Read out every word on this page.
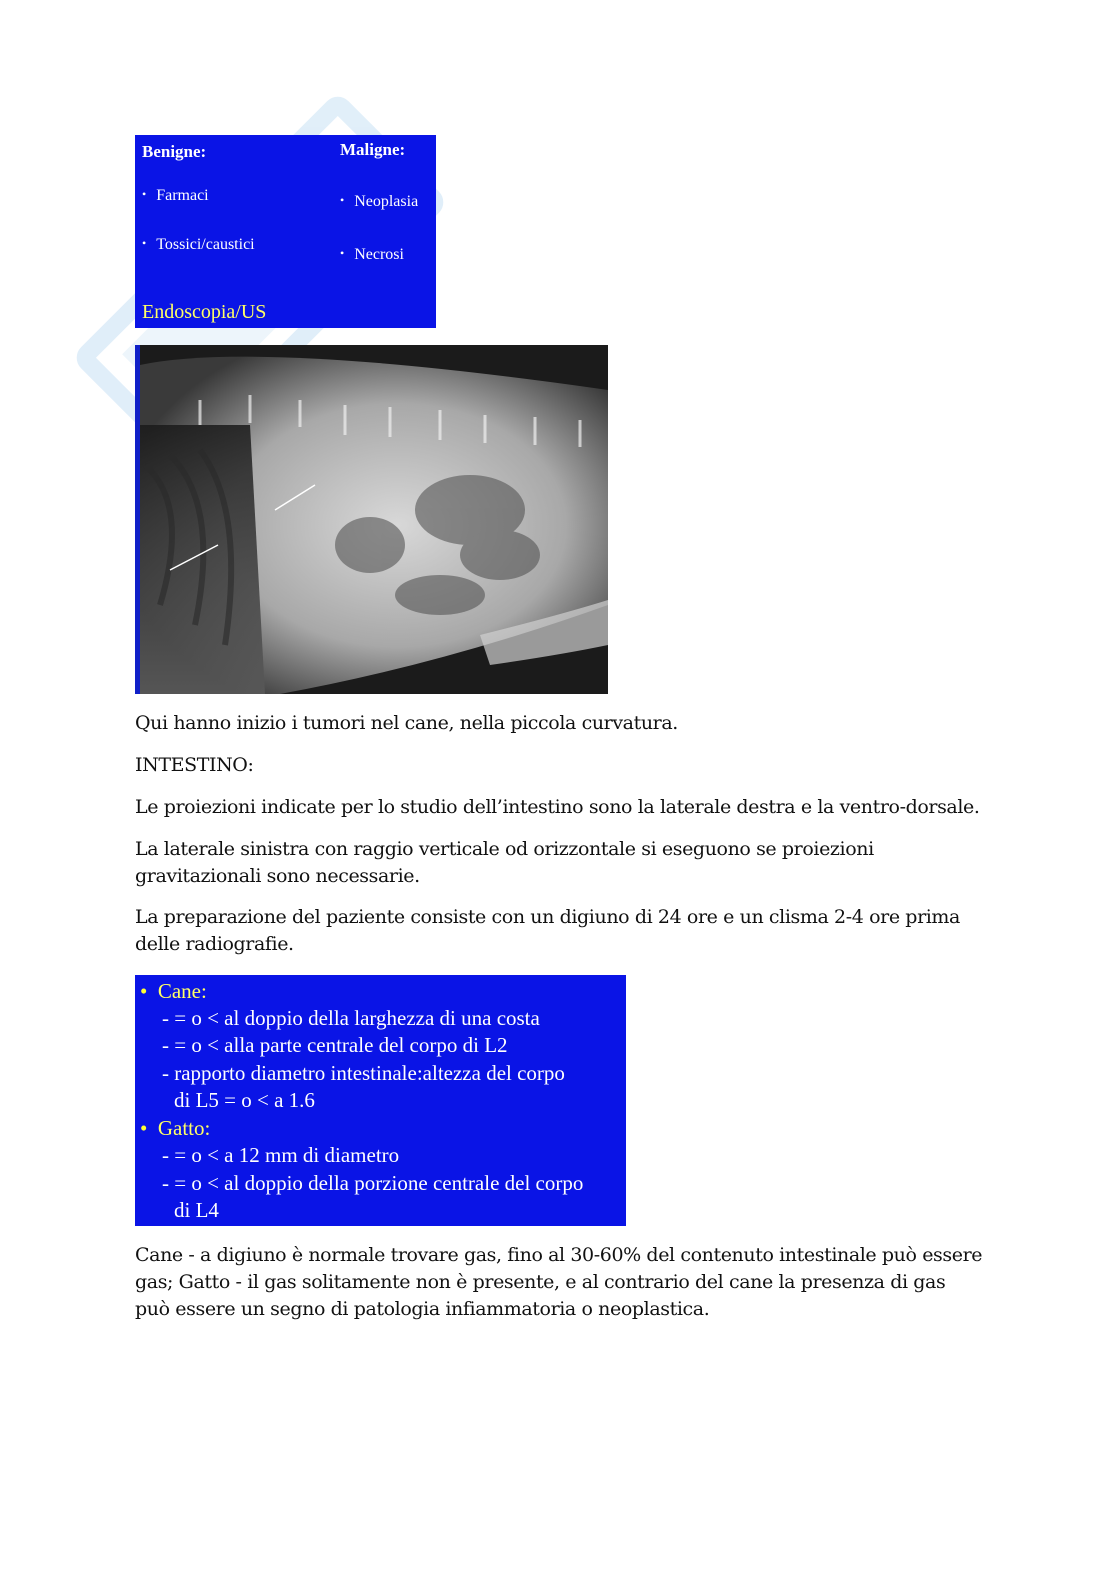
Benigne:
• Farmaci
• Tossici/caustici
Maligne:
• Neoplasia
• Necrosi
Endoscopia/US

Qui hanno inizio i tumori nel cane, nella piccola curvatura.

INTESTINO:

Le proiezioni indicate per lo studio dell’intestino sono la laterale destra e la ventro-dorsale.

La laterale sinistra con raggio verticale od orizzontale si eseguono se proiezioni gravitazionali sono necessarie.

La preparazione del paziente consiste con un digiuno di 24 ore e un clisma 2-4 ore prima delle radiografie.

• Cane:
- = o < al doppio della larghezza di una costa
- = o < alla parte centrale del corpo di L2
- rapporto diametro intestinale:altezza del corpo
di L5 = o < a 1.6
• Gatto:
- = o < a 12 mm di diametro
- = o < al doppio della porzione centrale del corpo
di L4

Cane - a digiuno è normale trovare gas, fino al 30-60% del contenuto intestinale può essere gas; Gatto - il gas solitamente non è presente, e al contrario del cane la presenza di gas può essere un segno di patologia infiammatoria o neoplastica.
